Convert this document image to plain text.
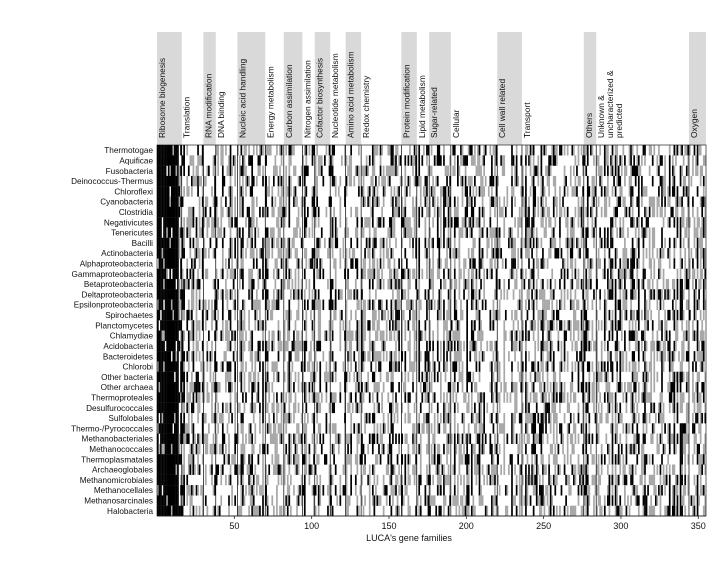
Ribosome biogenesis Translation RNA modification DNA binding Nucleic acid handling Energy metabolism Carbon assimilation Nitrogen assimilation Cofactor biosynthesis Nucleotide metabolism Amino acid metabolism Redox chemistry	Protein modification Lipid metabolism Sugar-related Cellular	Cell wall related Transport	Others Unknown & uncharacterized & predicted	Oxygen
Thermotogae
Aquificae
Fusobacteria
Deinococcus-Thermus
Chloroflexi
Cyanobacteria
Clostridia
Negativicutes
Tenericutes
Bacilli
Actinobacteria
Alphaproteobacteria
Gammaproteobacteria
Betaproteobacteria
Deltaproteobacteria
Epsilonproteobacteria
Spirochaetes
Planctomycetes
Chlamydiae
Acidobacteria
Bacteroidetes
Chlorobi
Other bacteria
Other archaea
Thermoproteales
Desulfurococcales
Sulfolobales
Thermo-/Pyrococcales
Methanobacteriales
Methanococcales
Thermoplasmatales
Archaeoglobales
Methanomicrobiales
Methanocellales
Methanosarcinales
Halobacteria
50	100	150	200	250	300	350
LUCA's gene families
